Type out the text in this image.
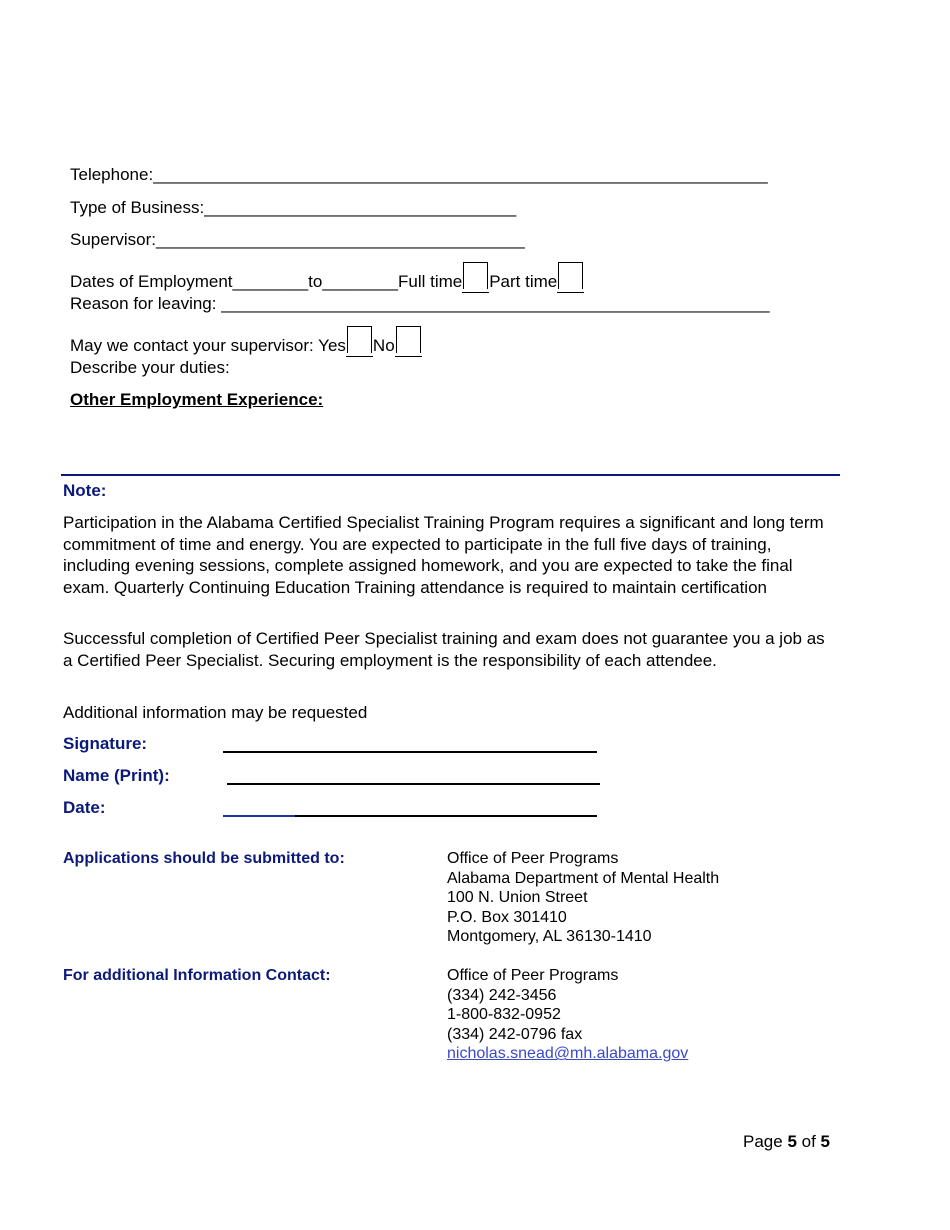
Telephone:_________________________________________________________________
Type of Business:_________________________________
Supervisor:_______________________________________
Dates of Employment________to________Full time Part time
Reason for leaving: __________________________________________________________
May we contact your supervisor: Yes No
Describe your duties:
Other Employment Experience:
Note:
Participation in the Alabama Certified Specialist Training Program requires a significant and long term commitment of time and energy. You are expected to participate in the full five days of training, including evening sessions, complete assigned homework, and you are expected to take the final exam. Quarterly Continuing Education Training attendance is required to maintain certification
Successful completion of Certified Peer Specialist training and exam does not guarantee you a job as a Certified Peer Specialist. Securing employment is the responsibility of each attendee.
Additional information may be requested
Signature:
Name (Print):
Date:
Applications should be submitted to:	Office of Peer Programs
Alabama Department of Mental Health
100 N. Union Street
P.O. Box 301410
Montgomery, AL 36130-1410
For additional Information Contact:	Office of Peer Programs
(334) 242-3456
1-800-832-0952
(334) 242-0796 fax
nicholas.snead@mh.alabama.gov
Page 5 of 5
